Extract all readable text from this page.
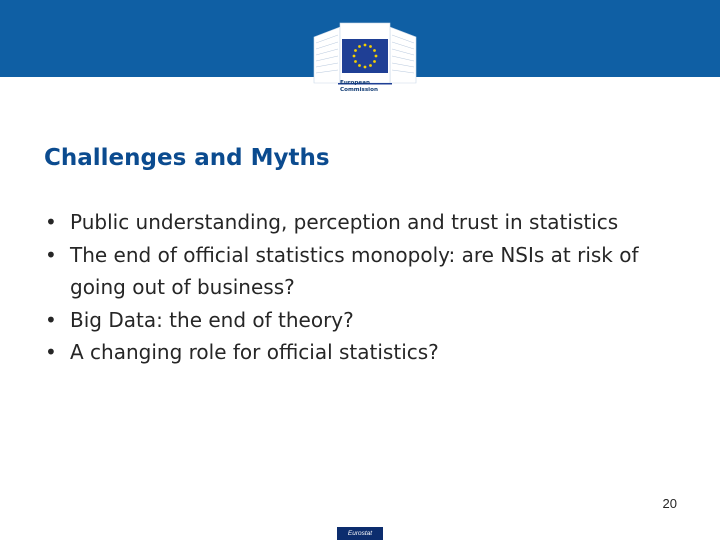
European
Commission
Challenges and Myths
• Public understanding, perception and trust in statistics
• The end of official statistics monopoly: are NSIs at risk of going out of business?
• Big Data: the end of theory?
• A changing role for official statistics?
20
Eurostat
